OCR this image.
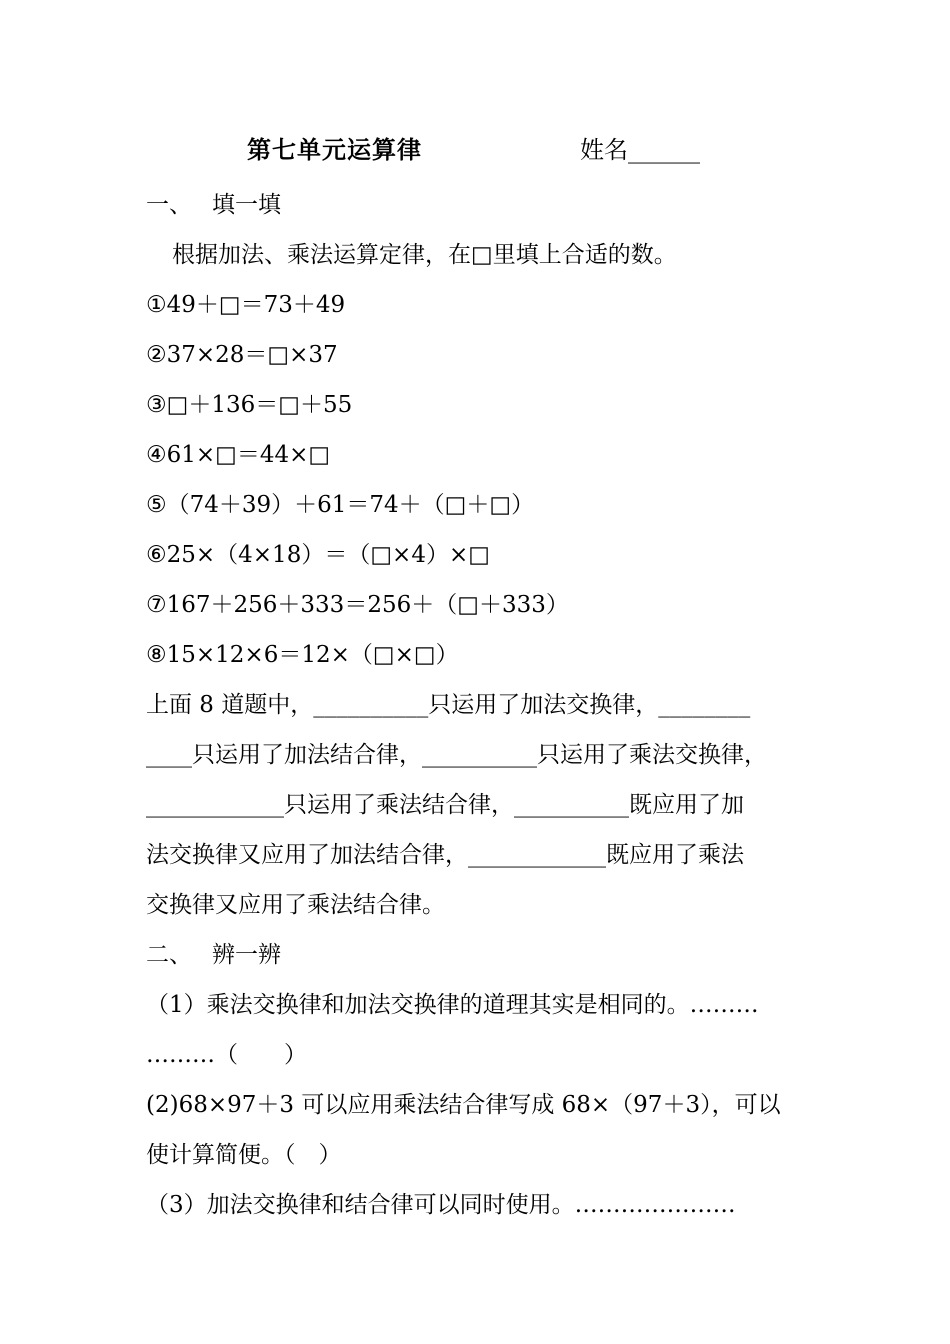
第七单元运算律	姓名______
一、 填一填
根据加法、乘法运算定律，在□里填上合适的数。
①49＋□＝73＋49
②37×28＝□×37
③□＋136＝□＋55
④61×□＝44×□
⑤（74＋39）＋61＝74＋（□＋□）
⑥25×（4×18）＝（□×4）×□
⑦167＋256＋333＝256＋（□＋333）
⑧15×12×6＝12×（□×□）
上面 8 道题中，__________只运用了加法交换律，________
____只运用了加法结合律，__________只运用了乘法交换律，
____________只运用了乘法结合律，__________既应用了加
法交换律又应用了加法结合律，____________既应用了乘法
交换律又应用了乘法结合律。
二、 辨一辨
（1）乘法交换律和加法交换律的道理其实是相同的。………
………（　　）
(2)68×97＋3 可以应用乘法结合律写成 68×（97＋3），可以
使计算简便。（　）
（3）加法交换律和结合律可以同时使用。…………………
